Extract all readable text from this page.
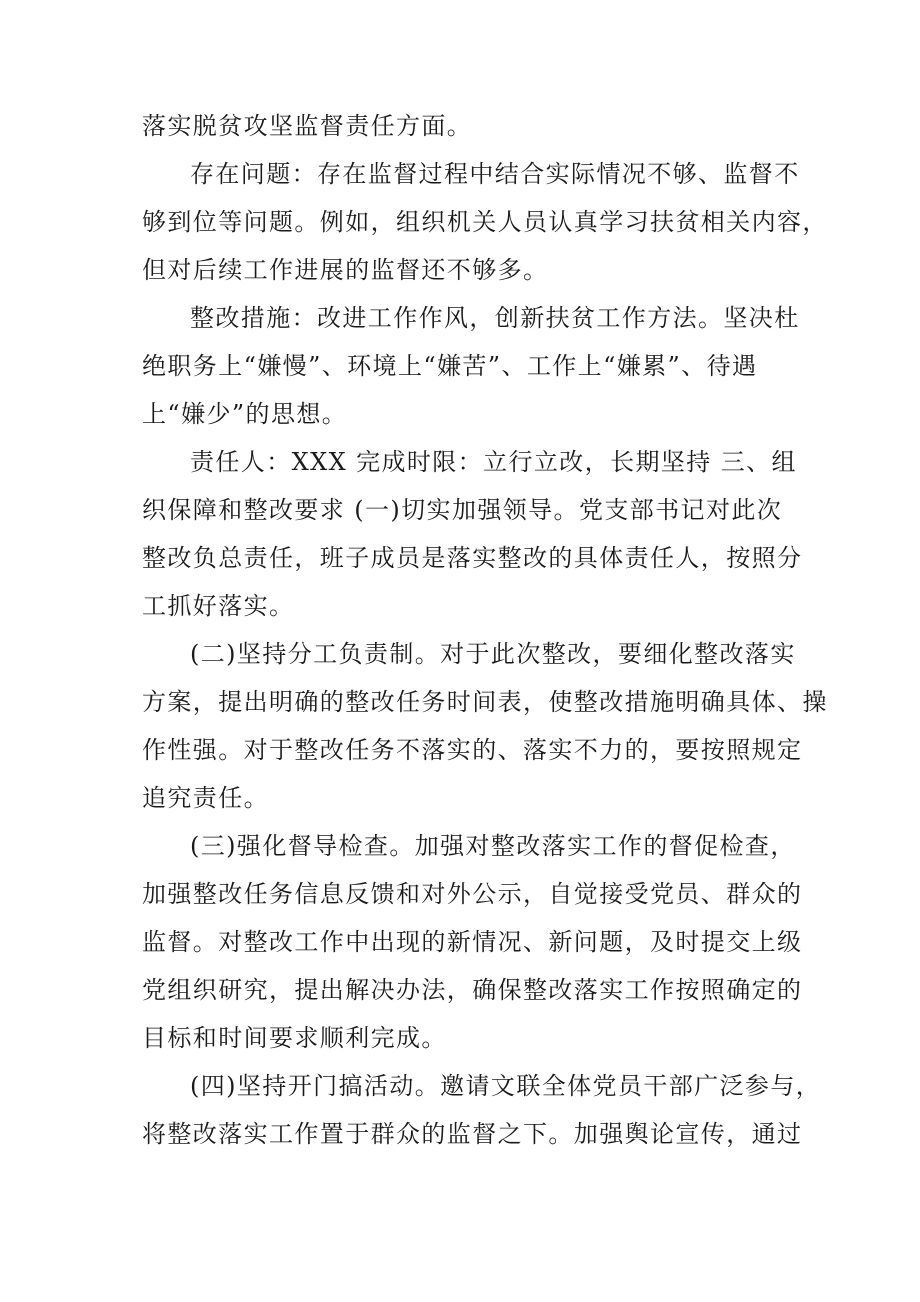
落实脱贫攻坚监督责任方面。
存在问题：存在监督过程中结合实际情况不够、监督不
够到位等问题。例如，组织机关人员认真学习扶贫相关内容，
但对后续工作进展的监督还不够多。
整改措施：改进工作作风，创新扶贫工作方法。坚决杜
绝职务上“嫌慢”、环境上“嫌苦”、工作上“嫌累”、待遇
上“嫌少”的思想。
责任人：XXX 完成时限：立行立改，长期坚持 三、组
织保障和整改要求 (一)切实加强领导。党支部书记对此次
整改负总责任，班子成员是落实整改的具体责任人，按照分
工抓好落实。
(二)坚持分工负责制。对于此次整改，要细化整改落实
方案，提出明确的整改任务时间表，使整改措施明确具体、操
作性强。对于整改任务不落实的、落实不力的，要按照规定
追究责任。
(三)强化督导检查。加强对整改落实工作的督促检查，
加强整改任务信息反馈和对外公示，自觉接受党员、群众的
监督。对整改工作中出现的新情况、新问题，及时提交上级
党组织研究，提出解决办法，确保整改落实工作按照确定的
目标和时间要求顺利完成。
(四)坚持开门搞活动。邀请文联全体党员干部广泛参与，
将整改落实工作置于群众的监督之下。加强舆论宣传，通过
